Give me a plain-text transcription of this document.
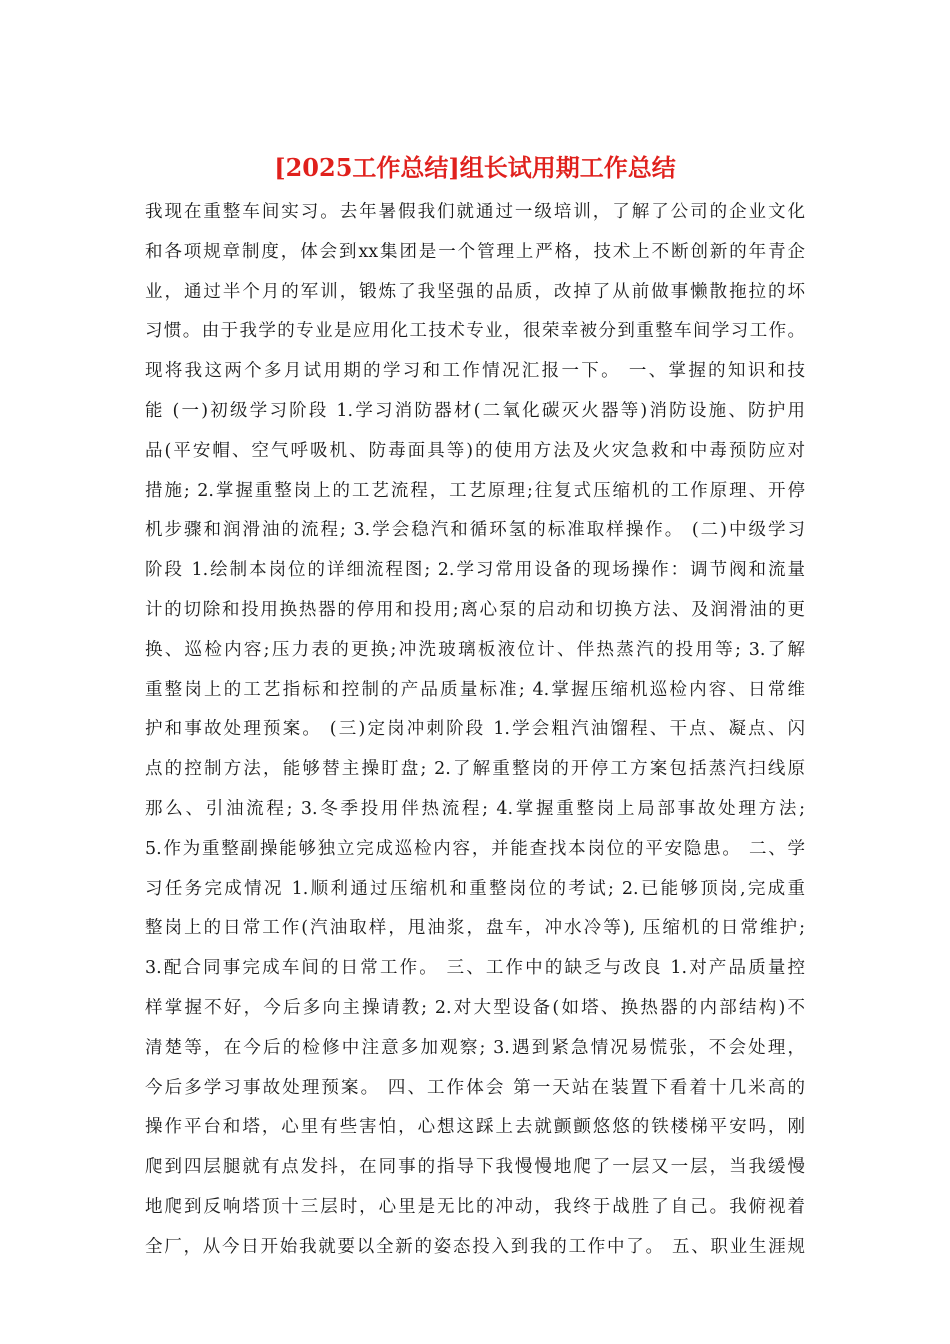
[2025工作总结]组长试用期工作总结
我现在重整车间实习。去年暑假我们就通过一级培训，了解了公司的企业文化
和各项规章制度，体会到xx集团是一个管理上严格，技术上不断创新的年青企
业，通过半个月的军训，锻炼了我坚强的品质，改掉了从前做事懒散拖拉的坏
习惯。由于我学的专业是应用化工技术专业，很荣幸被分到重整车间学习工作。
现将我这两个多月试用期的学习和工作情况汇报一下。 一、掌握的知识和技
能 (一)初级学习阶段 1.学习消防器材(二氧化碳灭火器等)消防设施、防护用
品(平安帽、空气呼吸机、防毒面具等)的使用方法及火灾急救和中毒预防应对
措施; 2.掌握重整岗上的工艺流程，工艺原理;往复式压缩机的工作原理、开停
机步骤和润滑油的流程; 3.学会稳汽和循环氢的标准取样操作。 (二)中级学习
阶段 1.绘制本岗位的详细流程图; 2.学习常用设备的现场操作：调节阀和流量
计的切除和投用换热器的停用和投用;离心泵的启动和切换方法、及润滑油的更
换、巡检内容;压力表的更换;冲洗玻璃板液位计、伴热蒸汽的投用等; 3.了解
重整岗上的工艺指标和控制的产品质量标准; 4.掌握压缩机巡检内容、日常维
护和事故处理预案。 (三)定岗冲刺阶段 1.学会粗汽油馏程、干点、凝点、闪
点的控制方法，能够替主操盯盘; 2.了解重整岗的开停工方案包括蒸汽扫线原
那么、引油流程; 3.冬季投用伴热流程; 4.掌握重整岗上局部事故处理方法;
5.作为重整副操能够独立完成巡检内容，并能查找本岗位的平安隐患。 二、学
习任务完成情况 1.顺利通过压缩机和重整岗位的考试; 2.已能够顶岗,完成重
整岗上的日常工作(汽油取样，甩油浆，盘车，冲水冷等), 压缩机的日常维护;
3.配合同事完成车间的日常工作。 三、工作中的缺乏与改良 1.对产品质量控
样掌握不好，今后多向主操请教; 2.对大型设备(如塔、换热器的内部结构)不
清楚等，在今后的检修中注意多加观察; 3.遇到紧急情况易慌张，不会处理，
今后多学习事故处理预案。 四、工作体会 第一天站在装置下看着十几米高的
操作平台和塔，心里有些害怕，心想这踩上去就颤颤悠悠的铁楼梯平安吗，刚
爬到四层腿就有点发抖，在同事的指导下我慢慢地爬了一层又一层，当我缓慢
地爬到反响塔顶十三层时，心里是无比的冲动，我终于战胜了自己。我俯视着
全厂，从今日开始我就要以全新的姿态投入到我的工作中了。 五、职业生涯规
